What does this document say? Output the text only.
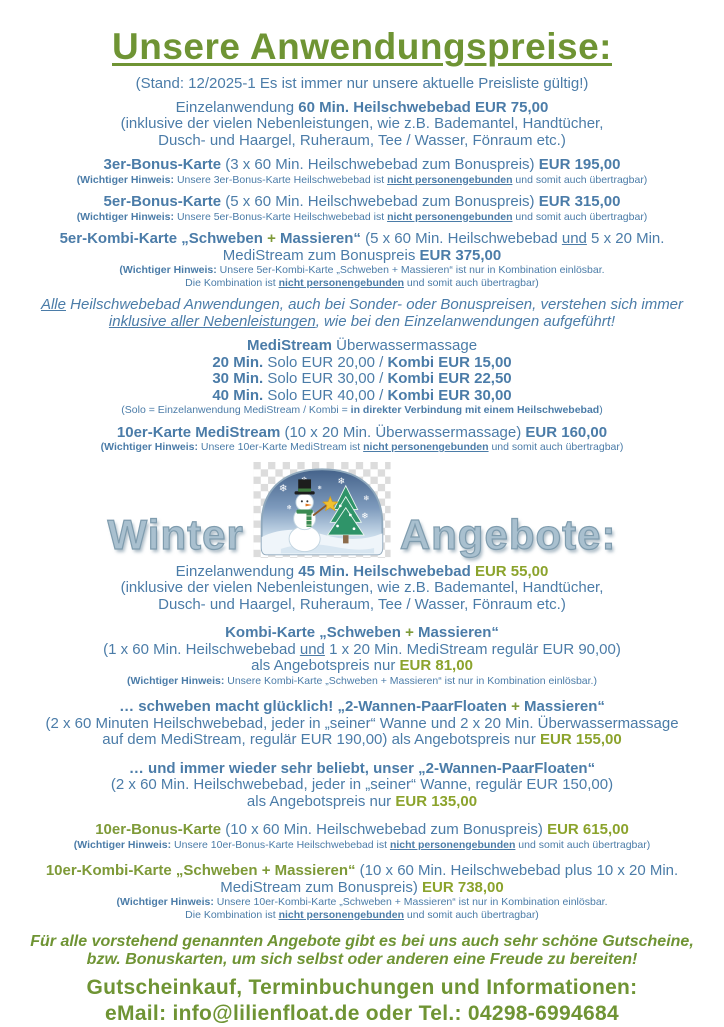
Unsere Anwendungspreise:
(Stand: 12/2025-1 Es ist immer nur unsere aktuelle Preisliste gültig!)
Einzelanwendung 60 Min. Heilschwebebad EUR 75,00
(inklusive der vielen Nebenleistungen, wie z.B. Bademantel, Handtücher,
Dusch- und Haargel, Ruheraum, Tee / Wasser, Fönraum etc.)
3er-Bonus-Karte (3 x 60 Min. Heilschwebebad zum Bonuspreis) EUR 195,00
(Wichtiger Hinweis: Unsere 3er-Bonus-Karte Heilschwebebad ist nicht personengebunden und somit auch übertragbar)
5er-Bonus-Karte (5 x 60 Min. Heilschwebebad zum Bonuspreis) EUR 315,00
(Wichtiger Hinweis: Unsere 5er-Bonus-Karte Heilschwebebad ist nicht personengebunden und somit auch übertragbar)
5er-Kombi-Karte „Schweben + Massieren“ (5 x 60 Min. Heilschwebebad und 5 x 20 Min.
MediStream zum Bonuspreis EUR 375,00
(Wichtiger Hinweis: Unsere 5er-Kombi-Karte „Schweben + Massieren“ ist nur in Kombination einlösbar.
Die Kombination ist nicht personengebunden und somit auch übertragbar)
Alle Heilschwebebad Anwendungen, auch bei Sonder- oder Bonuspreisen, verstehen sich immer
inklusive aller Nebenleistungen, wie bei den Einzelanwendungen aufgeführt!
MediStream Überwassermassage
20 Min. Solo EUR 20,00 / Kombi EUR 15,00
30 Min. Solo EUR 30,00 / Kombi EUR 22,50
40 Min. Solo EUR 40,00 / Kombi EUR 30,00
(Solo = Einzelanwendung MediStream / Kombi = in direkter Verbindung mit einem Heilschwebebad)
10er-Karte MediStream (10 x 20 Min. Überwassermassage) EUR 160,00
(Wichtiger Hinweis: Unsere 10er-Karte MediStream ist nicht personengebunden und somit auch übertragbar)
Winter
❄
❄
❄
❄
❄
❄
Angebote:
Einzelanwendung 45 Min. Heilschwebebad EUR 55,00
(inklusive der vielen Nebenleistungen, wie z.B. Bademantel, Handtücher,
Dusch- und Haargel, Ruheraum, Tee / Wasser, Fönraum etc.)
Kombi-Karte „Schweben + Massieren“
(1 x 60 Min. Heilschwebebad und 1 x 20 Min. MediStream regulär EUR 90,00)
als Angebotspreis nur EUR 81,00
(Wichtiger Hinweis: Unsere Kombi-Karte „Schweben + Massieren“ ist nur in Kombination einlösbar.)
… schweben macht glücklich! „2-Wannen-PaarFloaten + Massieren“
(2 x 60 Minuten Heilschwebebad, jeder in „seiner“ Wanne und 2 x 20 Min. Überwassermassage
auf dem MediStream, regulär EUR 190,00) als Angebotspreis nur EUR 155,00
… und immer wieder sehr beliebt, unser „2-Wannen-PaarFloaten“
(2 x 60 Min. Heilschwebebad, jeder in „seiner“ Wanne, regulär EUR 150,00)
als Angebotspreis nur EUR 135,00
10er-Bonus-Karte (10 x 60 Min. Heilschwebebad zum Bonuspreis) EUR 615,00
(Wichtiger Hinweis: Unsere 10er-Bonus-Karte Heilschwebebad ist nicht personengebunden und somit auch übertragbar)
10er-Kombi-Karte „Schweben + Massieren“ (10 x 60 Min. Heilschwebebad plus 10 x 20 Min.
MediStream zum Bonuspreis) EUR 738,00
(Wichtiger Hinweis: Unsere 10er-Kombi-Karte „Schweben + Massieren“ ist nur in Kombination einlösbar.
Die Kombination ist nicht personengebunden und somit auch übertragbar)
Für alle vorstehend genannten Angebote gibt es bei uns auch sehr schöne Gutscheine,
bzw. Bonuskarten, um sich selbst oder anderen eine Freude zu bereiten!
Gutscheinkauf, Terminbuchungen und Informationen:
eMail: info@lilienfloat.de oder Tel.: 04298-6994684
